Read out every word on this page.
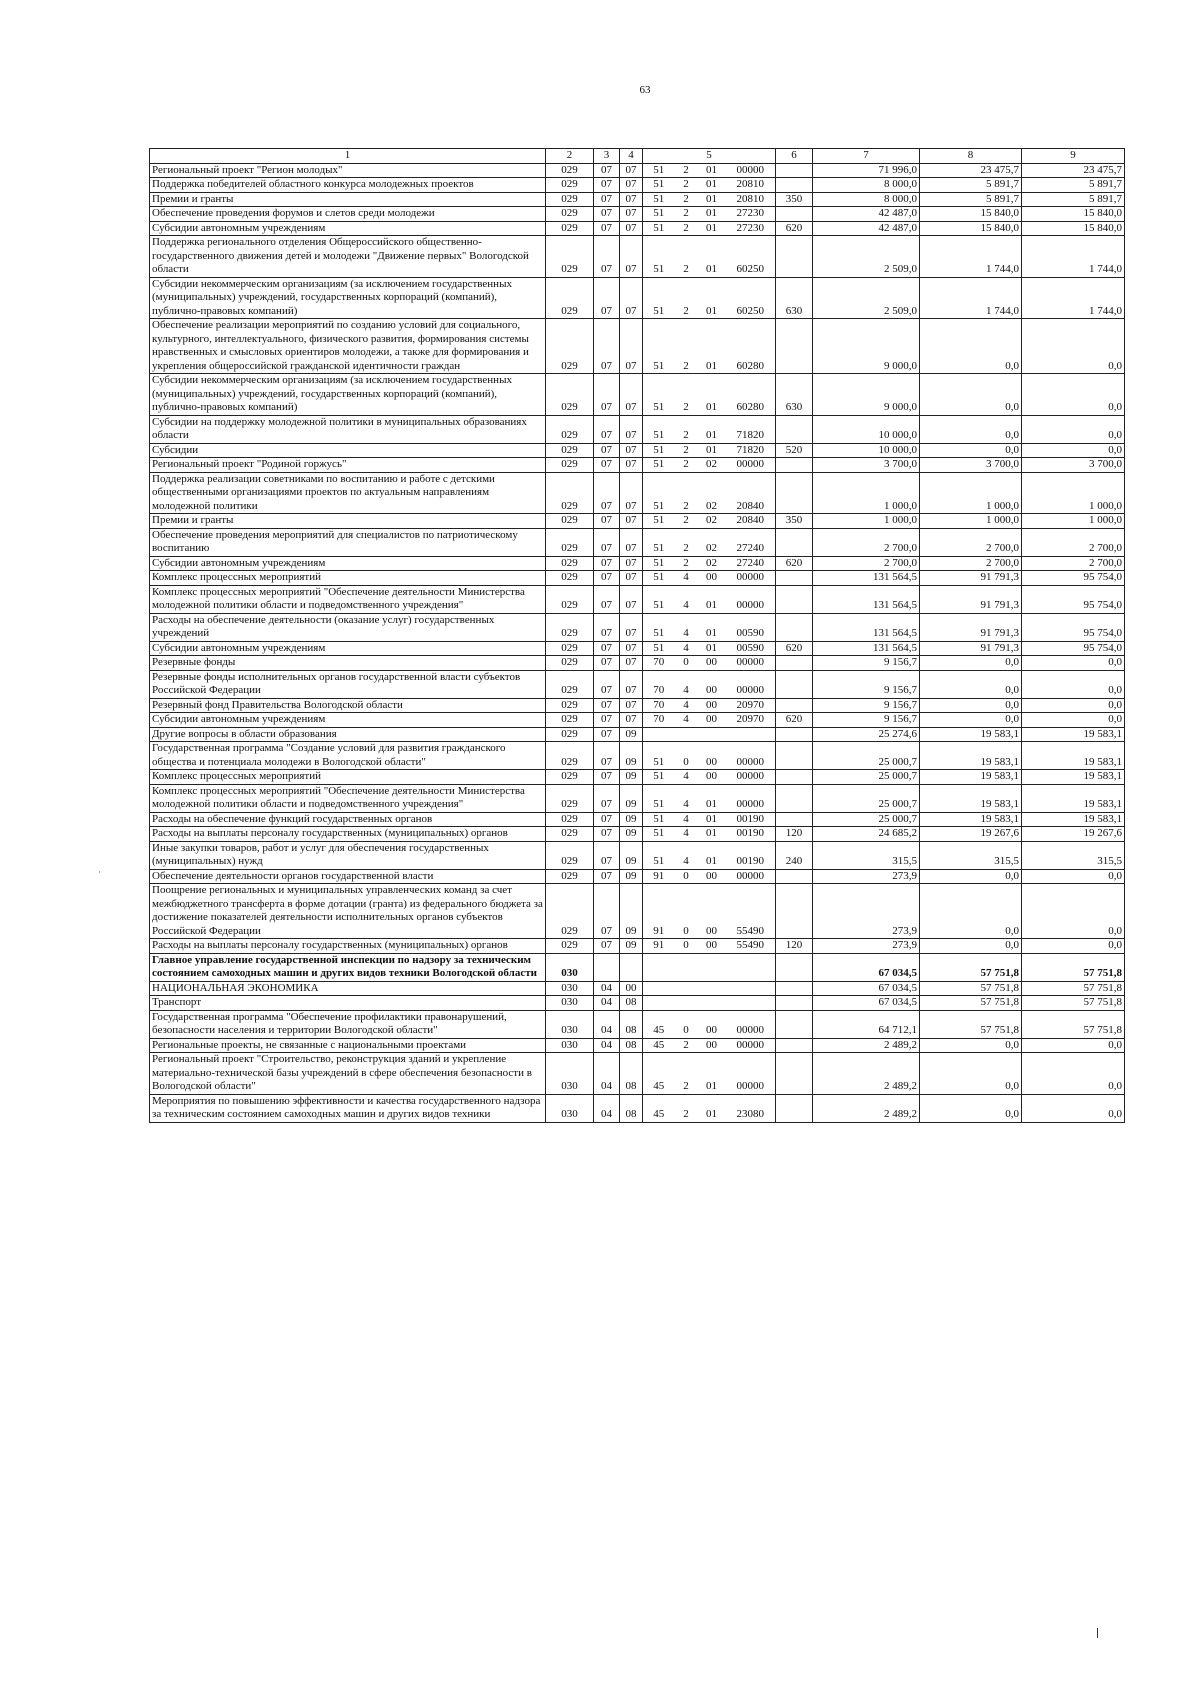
63
1	2	3	4	5				6	7	8	9
Региональный проект "Регион молодых"	029	07	07	51	2	01	00000		71 996,0	23 475,7	23 475,7
Поддержка победителей областного конкурса молодежных проектов	029	07	07	51	2	01	20810		8 000,0	5 891,7	5 891,7
Премии и гранты	029	07	07	51	2	01	20810	350	8 000,0	5 891,7	5 891,7
Обеспечение проведения форумов и слетов среди молодежи	029	07	07	51	2	01	27230		42 487,0	15 840,0	15 840,0
Субсидии автономным учреждениям	029	07	07	51	2	01	27230	620	42 487,0	15 840,0	15 840,0
Поддержка регионального отделения Общероссийского общественно-государственного движения детей и молодежи "Движение первых" Вологодской области	029	07	07	51	2	01	60250		2 509,0	1 744,0	1 744,0
Субсидии некоммерческим организациям (за исключением государственных (муниципальных) учреждений, государственных корпораций (компаний), публично-правовых компаний)	029	07	07	51	2	01	60250	630	2 509,0	1 744,0	1 744,0
Обеспечение реализации мероприятий по созданию условий для социального, культурного, интеллектуального, физического развития, формирования системы нравственных и смысловых ориентиров молодежи, а также для формирования и укрепления общероссийской гражданской идентичности граждан	029	07	07	51	2	01	60280		9 000,0	0,0	0,0
Субсидии некоммерческим организациям (за исключением государственных (муниципальных) учреждений, государственных корпораций (компаний), публично-правовых компаний)	029	07	07	51	2	01	60280	630	9 000,0	0,0	0,0
Субсидии на поддержку молодежной политики в муниципальных образованиях области	029	07	07	51	2	01	71820		10 000,0	0,0	0,0
Субсидии	029	07	07	51	2	01	71820	520	10 000,0	0,0	0,0
Региональный проект "Родиной горжусь"	029	07	07	51	2	02	00000		3 700,0	3 700,0	3 700,0
Поддержка реализации советниками по воспитанию и работе с детскими общественными организациями проектов по актуальным направлениям молодежной политики	029	07	07	51	2	02	20840		1 000,0	1 000,0	1 000,0
Премии и гранты	029	07	07	51	2	02	20840	350	1 000,0	1 000,0	1 000,0
Обеспечение проведения мероприятий для специалистов по патриотическому воспитанию	029	07	07	51	2	02	27240		2 700,0	2 700,0	2 700,0
Субсидии автономным учреждениям	029	07	07	51	2	02	27240	620	2 700,0	2 700,0	2 700,0
Комплекс процессных мероприятий	029	07	07	51	4	00	00000		131 564,5	91 791,3	95 754,0
Комплекс процессных мероприятий "Обеспечение деятельности Министерства молодежной политики области и подведомственного учреждения"	029	07	07	51	4	01	00000		131 564,5	91 791,3	95 754,0
Расходы на обеспечение деятельности (оказание услуг) государственных учреждений	029	07	07	51	4	01	00590		131 564,5	91 791,3	95 754,0
Субсидии автономным учреждениям	029	07	07	51	4	01	00590	620	131 564,5	91 791,3	95 754,0
Резервные фонды	029	07	07	70	0	00	00000		9 156,7	0,0	0,0
Резервные фонды исполнительных органов государственной власти субъектов Российской Федерации	029	07	07	70	4	00	00000		9 156,7	0,0	0,0
Резервный фонд Правительства Вологодской области	029	07	07	70	4	00	20970		9 156,7	0,0	0,0
Субсидии автономным учреждениям	029	07	07	70	4	00	20970	620	9 156,7	0,0	0,0
Другие вопросы в области образования	029	07	09						25 274,6	19 583,1	19 583,1
Государственная программа "Создание условий для развития гражданского общества и потенциала молодежи в Вологодской области"	029	07	09	51	0	00	00000		25 000,7	19 583,1	19 583,1
Комплекс процессных мероприятий	029	07	09	51	4	00	00000		25 000,7	19 583,1	19 583,1
Комплекс процессных мероприятий "Обеспечение деятельности Министерства молодежной политики области и подведомственного учреждения"	029	07	09	51	4	01	00000		25 000,7	19 583,1	19 583,1
Расходы на обеспечение функций государственных органов	029	07	09	51	4	01	00190		25 000,7	19 583,1	19 583,1
Расходы на выплаты персоналу государственных (муниципальных) органов	029	07	09	51	4	01	00190	120	24 685,2	19 267,6	19 267,6
Иные закупки товаров, работ и услуг для обеспечения государственных (муниципальных) нужд	029	07	09	51	4	01	00190	240	315,5	315,5	315,5
Обеспечение деятельности органов государственной власти	029	07	09	91	0	00	00000		273,9	0,0	0,0
Поощрение региональных и муниципальных управленческих команд за счет межбюджетного трансферта в форме дотации (гранта) из федерального бюджета за достижение показателей деятельности исполнительных органов субъектов Российской Федерации	029	07	09	91	0	00	55490		273,9	0,0	0,0
Расходы на выплаты персоналу государственных (муниципальных) органов	029	07	09	91	0	00	55490	120	273,9	0,0	0,0
Главное управление государственной инспекции по надзору за техническим состоянием самоходных машин и других видов техники Вологодской области	030								67 034,5	57 751,8	57 751,8
НАЦИОНАЛЬНАЯ ЭКОНОМИКА	030	04	00						67 034,5	57 751,8	57 751,8
Транспорт	030	04	08						67 034,5	57 751,8	57 751,8
Государственная программа "Обеспечение профилактики правонарушений, безопасности населения и территории Вологодской области"	030	04	08	45	0	00	00000		64 712,1	57 751,8	57 751,8
Региональные проекты, не связанные с национальными проектами	030	04	08	45	2	00	00000		2 489,2	0,0	0,0
Региональный проект "Строительство, реконструкция зданий и укрепление материально-технической базы учреждений в сфере обеспечения безопасности в Вологодской области"	030	04	08	45	2	01	00000		2 489,2	0,0	0,0
Мероприятия по повышению эффективности и качества государственного надзора за техническим состоянием самоходных машин и других видов техники	030	04	08	45	2	01	23080		2 489,2	0,0	0,0
·
